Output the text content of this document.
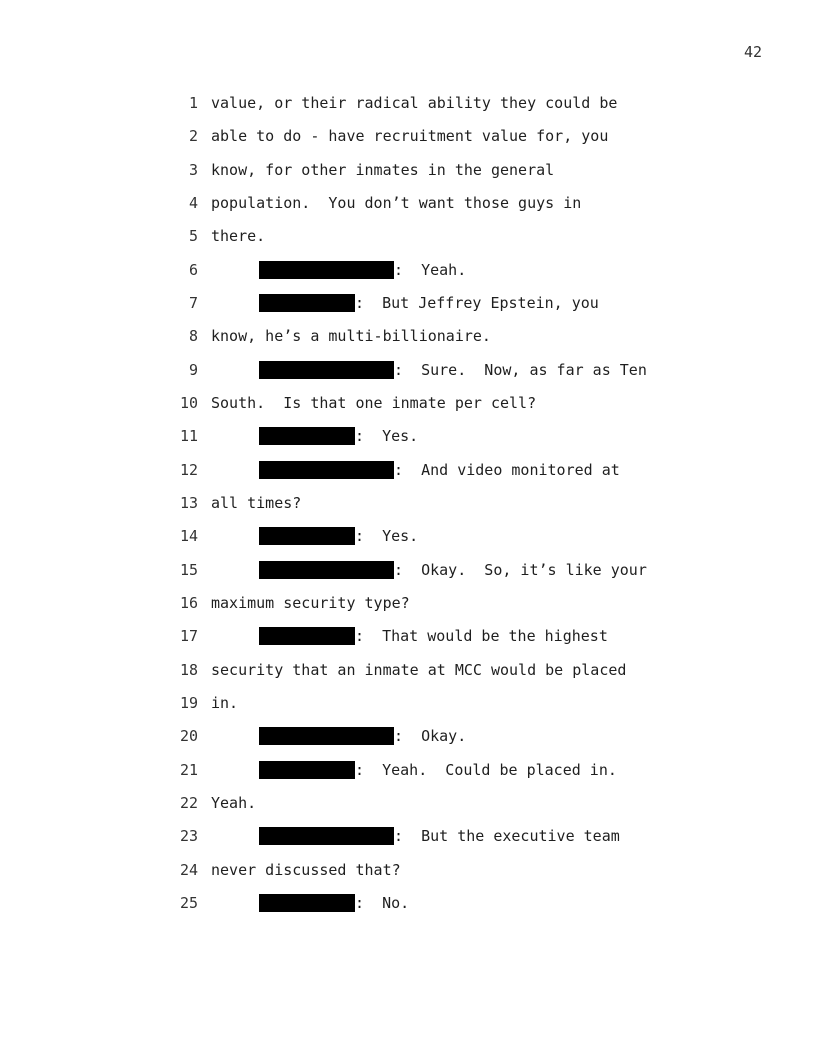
42
1 value, or their radical ability they could be
2 able to do - have recruitment value for, you
3 know, for other inmates in the general
4 population.  You don’t want those guys in
5 there.
6	:  Yeah.
7	:  But Jeffrey Epstein, you
8 know, he’s a multi-billionaire.
9	:  Sure.  Now, as far as Ten
10 South.  Is that one inmate per cell?
11	:  Yes.
12	:  And video monitored at
13 all times?
14	:  Yes.
15	:  Okay.  So, it’s like your
16 maximum security type?
17	:  That would be the highest
18 security that an inmate at MCC would be placed
19 in.
20	:  Okay.
21	:  Yeah.  Could be placed in.
22 Yeah.
23	:  But the executive team
24 never discussed that?
25	:  No.
